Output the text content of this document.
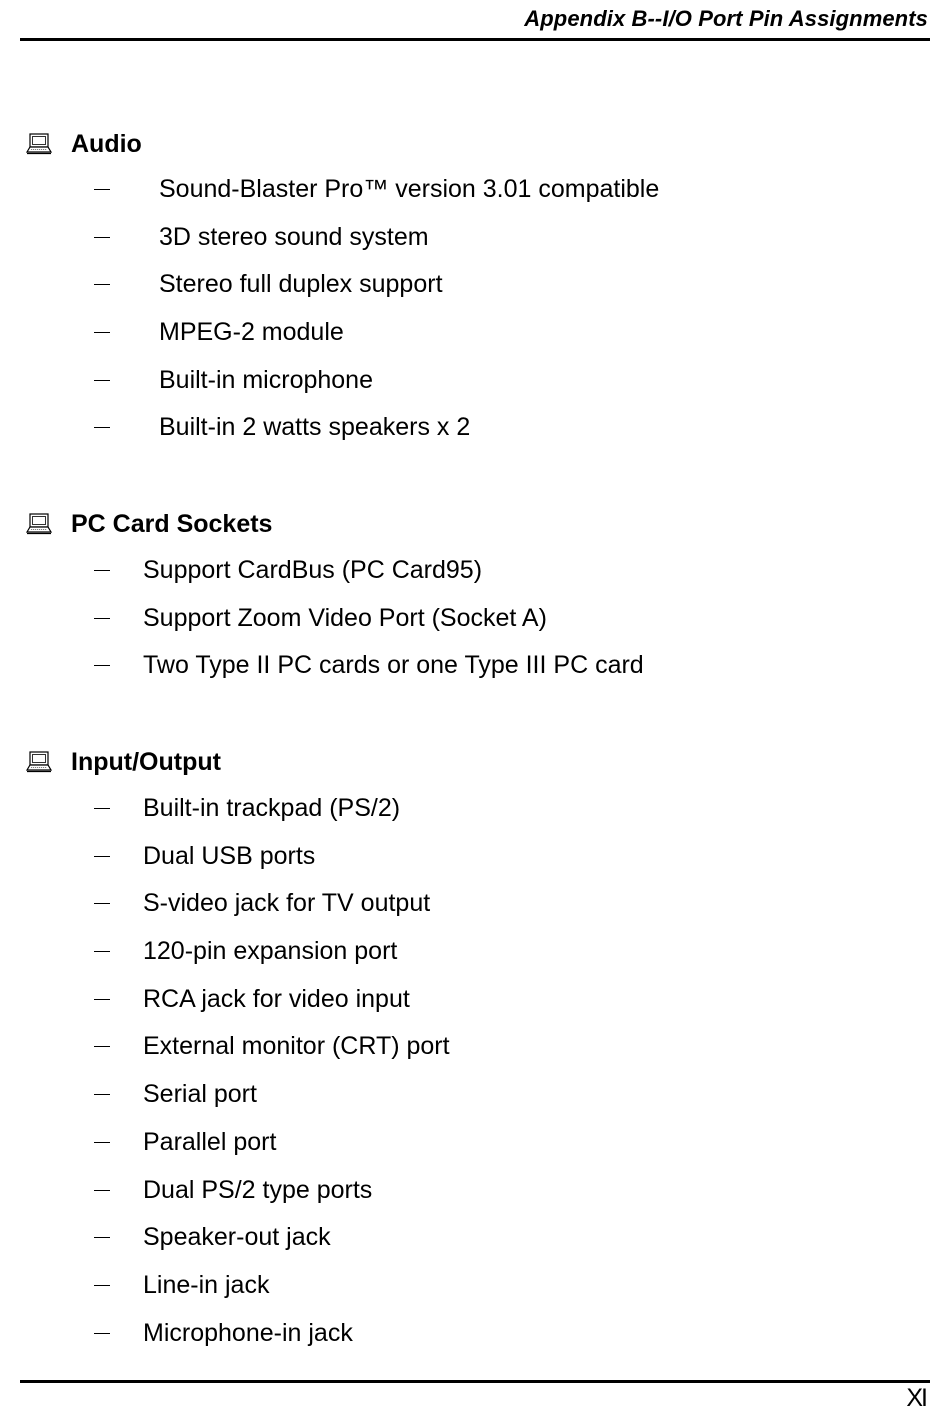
Appendix B--I/O Port Pin Assignments
Audio
Sound-Blaster Pro™ version 3.01 compatible
3D stereo sound system
Stereo full duplex support
MPEG-2 module
Built-in microphone
Built-in 2 watts speakers x 2
PC Card Sockets
Support CardBus (PC Card95)
Support Zoom Video Port (Socket A)
Two Type II PC cards or one Type III PC card
Input/Output
Built-in trackpad (PS/2)
Dual USB ports
S-video jack for TV output
120-pin expansion port
RCA jack for video input
External monitor (CRT) port
Serial port
Parallel port
Dual PS/2 type ports
Speaker-out jack
Line-in jack
Microphone-in jack
XI
